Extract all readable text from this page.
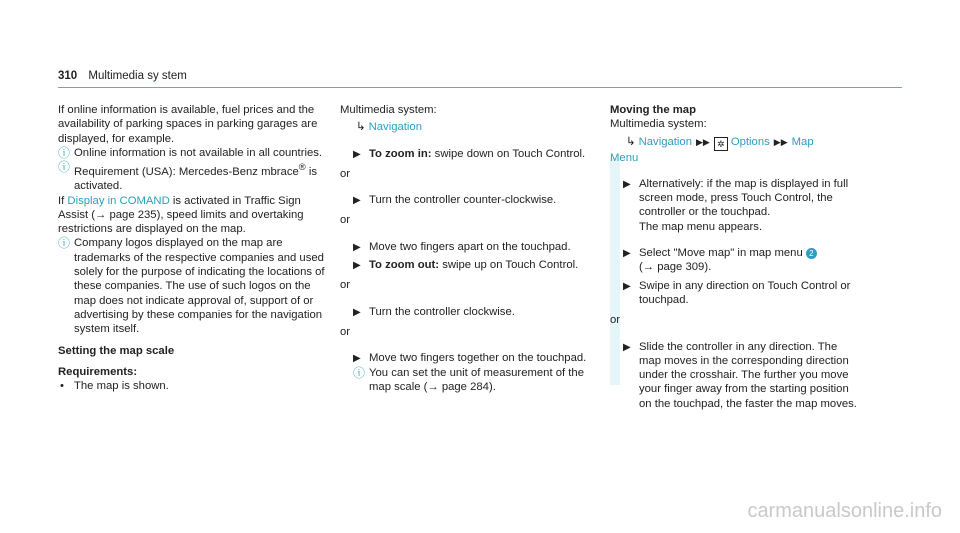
310 Multimedia sy stem

If online information is available, fuel prices and the availability of parking spaces in parking garages are displayed, for example.

ⓘ Online information is not available in all countries.

ⓘ Requirement (USA): Mercedes-Benz mbrace® is activated.

If Display in COMAND is activated in Traffic Sign Assist (→ page 235), speed limits and overtaking restrictions are displayed on the map.

ⓘ Company logos displayed on the map are trademarks of the respective companies and used solely for the purpose of indicating the locations of these companies. The use of such logos on the map does not indicate approval of, support of or advertising by these companies for the navigation system itself.

Setting the map scale

Requirements:

• The map is shown.

Multimedia system:

↳ Navigation

▶ To zoom in: swipe down on Touch Control.

or

▶ Turn the controller counter-clockwise.

or

▶ Move two fingers apart on the touchpad.

▶ To zoom out: swipe up on Touch Control.

or

▶ Turn the controller clockwise.

or

▶ Move two fingers together on the touchpad.

ⓘ You can set the unit of measurement of the map scale (→ page 284).

Moving the map

Multimedia system:

↳ Navigation ▶▶ ✲ Options ▶▶ Map

Menu

▶ Alternatively: if the map is displayed in full screen mode, press Touch Control, the controller or the touchpad.
The map menu appears.

▶ Select "Move map" in map menu 2
(→ page 309).

▶ Swipe in any direction on Touch Control or touchpad.

or

▶ Slide the controller in any direction. The map moves in the corresponding direction under the crosshair. The further you move your finger away from the starting position on the touchpad, the faster the map moves.

carmanualsonline.info
